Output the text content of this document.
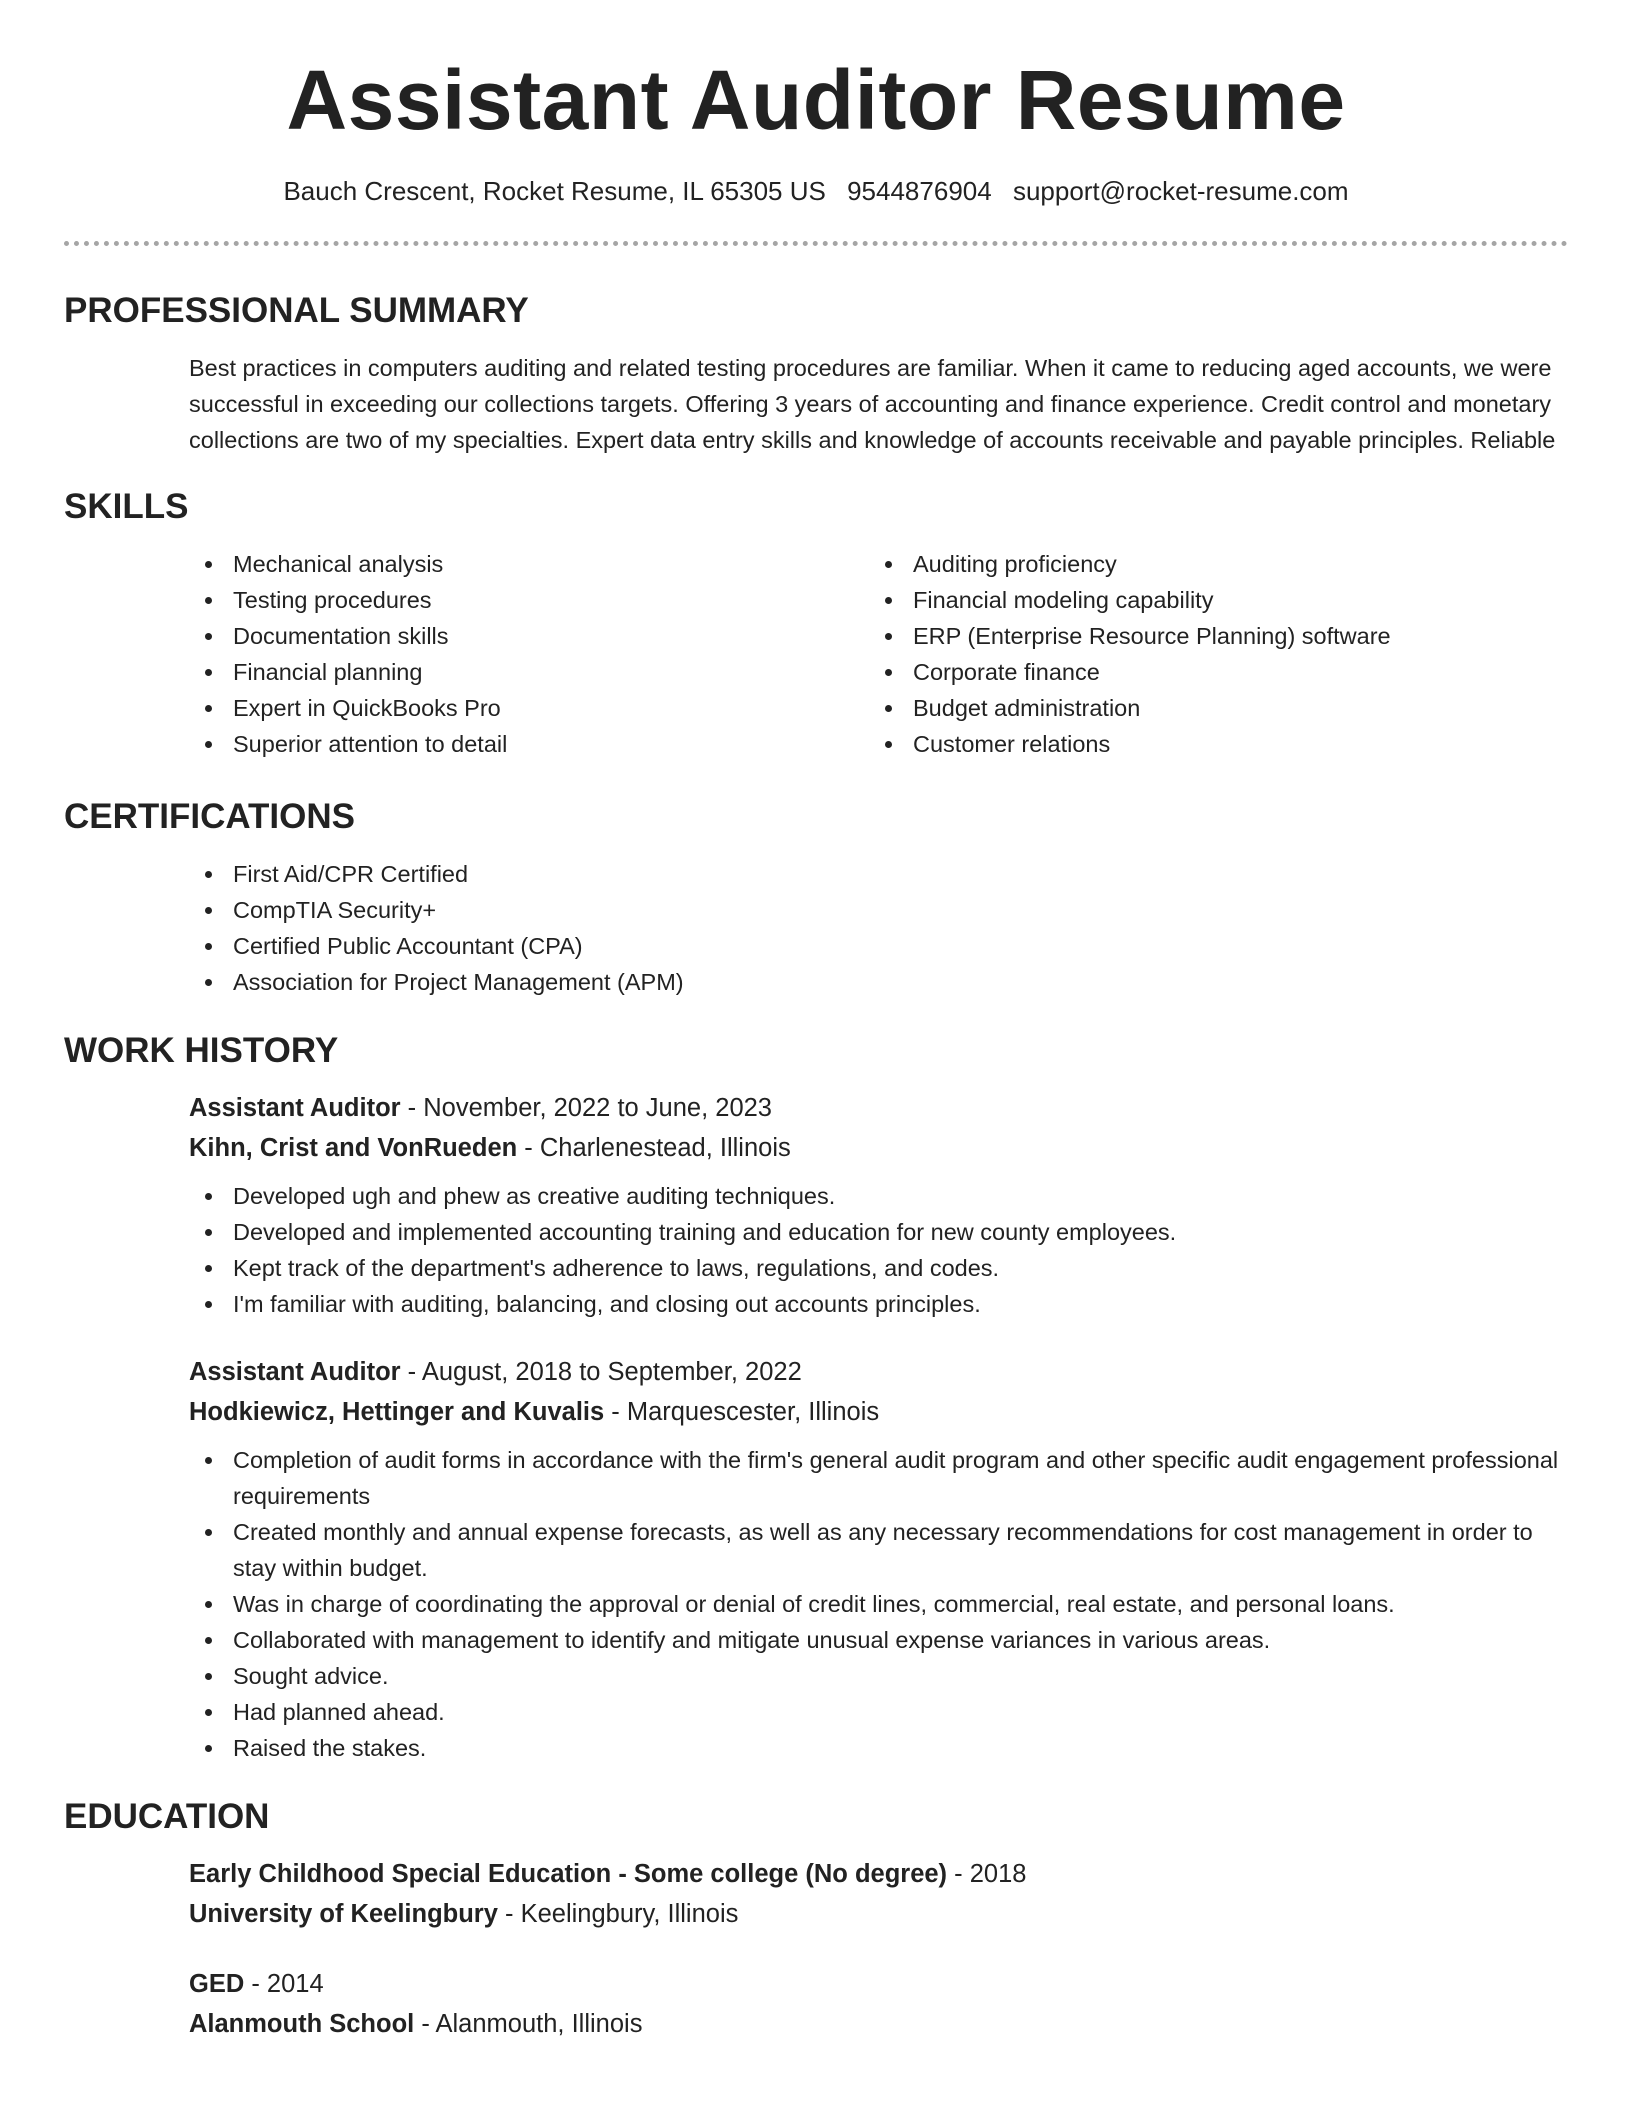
Assistant Auditor Resume
Bauch Crescent, Rocket Resume, IL 65305 US 9544876904 support@rocket-resume.com
PROFESSIONAL SUMMARY
Best practices in computers auditing and related testing procedures are familiar. When it came to reducing aged accounts, we were successful in exceeding our collections targets. Offering 3 years of accounting and finance experience. Credit control and monetary collections are two of my specialties. Expert data entry skills and knowledge of accounts receivable and payable principles. Reliable
SKILLS
Mechanical analysis
Testing procedures
Documentation skills
Financial planning
Expert in QuickBooks Pro
Superior attention to detail
Auditing proficiency
Financial modeling capability
ERP (Enterprise Resource Planning) software
Corporate finance
Budget administration
Customer relations
CERTIFICATIONS
First Aid/CPR Certified
CompTIA Security+
Certified Public Accountant (CPA)
Association for Project Management (APM)
WORK HISTORY
Assistant Auditor - November, 2022 to June, 2023
Kihn, Crist and VonRueden - Charlenestead, Illinois
Developed ugh and phew as creative auditing techniques.
Developed and implemented accounting training and education for new county employees.
Kept track of the department's adherence to laws, regulations, and codes.
I'm familiar with auditing, balancing, and closing out accounts principles.
Assistant Auditor - August, 2018 to September, 2022
Hodkiewicz, Hettinger and Kuvalis - Marquescester, Illinois
Completion of audit forms in accordance with the firm's general audit program and other specific audit engagement professional requirements
Created monthly and annual expense forecasts, as well as any necessary recommendations for cost management in order to stay within budget.
Was in charge of coordinating the approval or denial of credit lines, commercial, real estate, and personal loans.
Collaborated with management to identify and mitigate unusual expense variances in various areas.
Sought advice.
Had planned ahead.
Raised the stakes.
EDUCATION
Early Childhood Special Education - Some college (No degree) - 2018
University of Keelingbury - Keelingbury, Illinois
GED - 2014
Alanmouth School - Alanmouth, Illinois
